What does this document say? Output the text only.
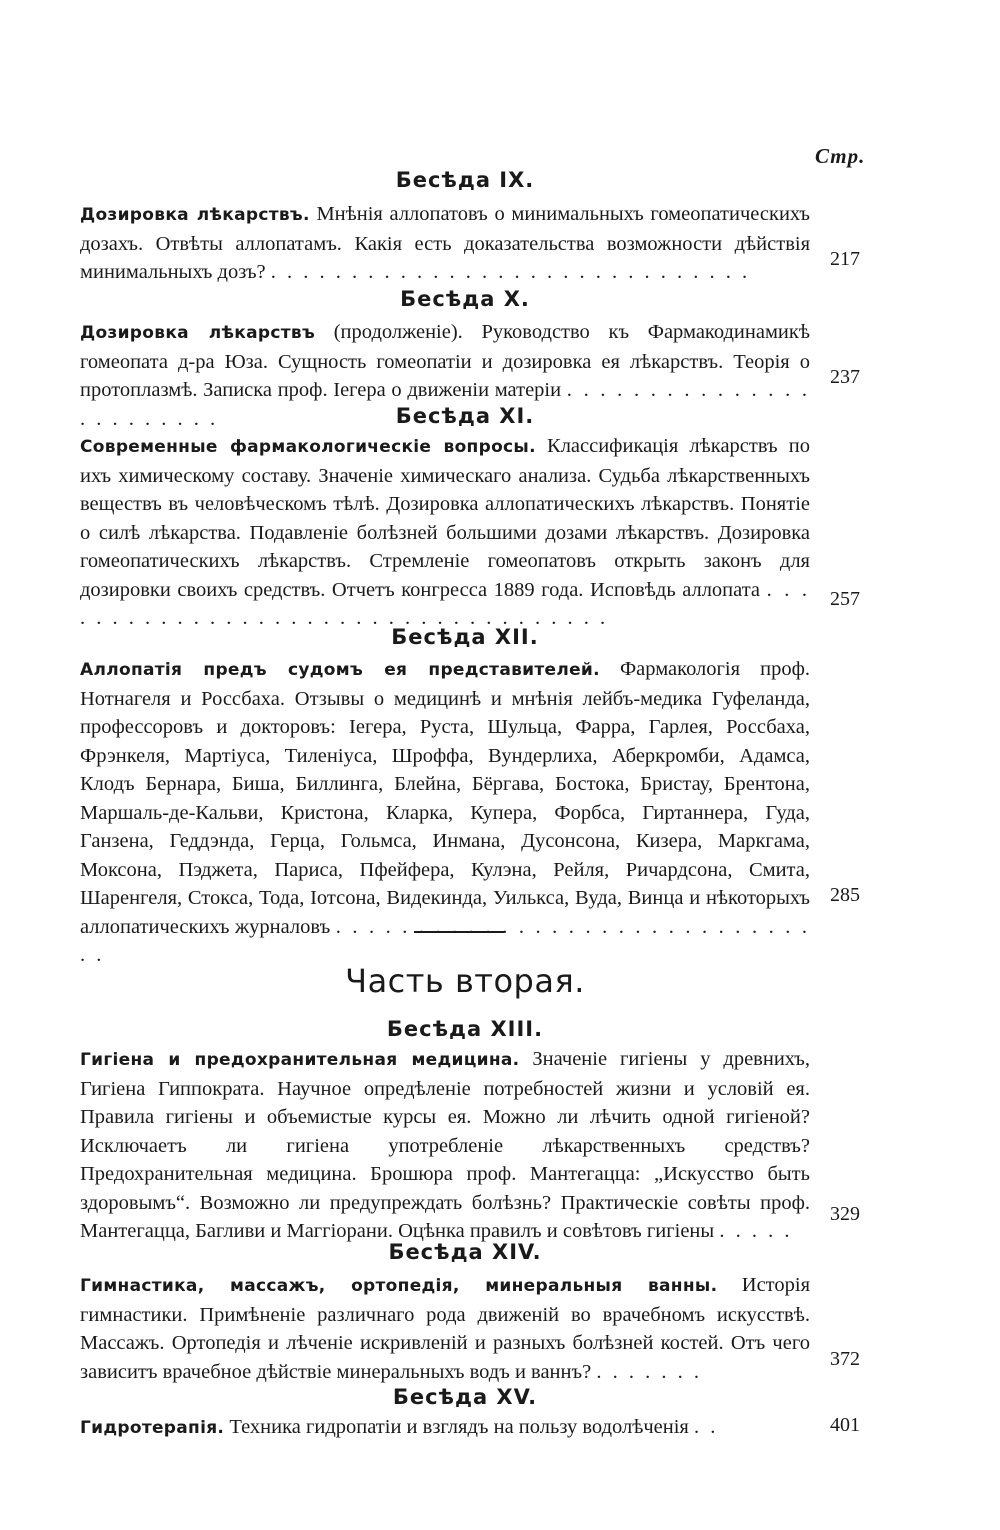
Стр.
Бесѣда IX.
Дозировка лѣкарствъ. Мнѣнія аллопатовъ о минимальныхъ гомеопатическихъ дозахъ. Отвѣты аллопатамъ. Какія есть доказательства возможности дѣйствія минимальныхъ дозъ? . . . . . . . . . . . . . . . . . . . . . . . . . . . . . .
217
Бесѣда X.
Дозировка лѣкарствъ (продолженіе). Руководство къ Фармакодинамикѣ гомеопата д-ра Юза. Сущность гомеопатіи и дозировка ея лѣкарствъ. Теорія о протоплазмѣ. Записка проф. Іегера о движеніи матеріи . . . . . . . . . . . . . . . . . . . . . . . .
237
Бесѣда XI.
Современные фармакологическіе вопросы. Классификація лѣкарствъ по ихъ химическому составу. Значеніе химическаго анализа. Судьба лѣкарственныхъ веществъ въ человѣческомъ тѣлѣ. Дозировка аллопатическихъ лѣкарствъ. Понятіе о силѣ лѣкарства. Подавленіе болѣзней большими дозами лѣкарствъ. Дозировка гомеопатическихъ лѣкарствъ. Стремленіе гомеопатовъ открыть законъ для дозировки своихъ средствъ. Отчетъ конгресса 1889 года. Исповѣдь аллопата . . . . . . . . . . . . . . . . . . . . . . . . . . . . . . . . . . . .
257
Бесѣда XII.
Аллопатія предъ судомъ ея представителей. Фармакологія проф. Нотнагеля и Россбаха. Отзывы о медицинѣ и мнѣнія лейбъ-медика Гуфеланда, профессоровъ и докторовъ: Іегера, Руста, Шульца, Фарра, Гарлея, Россбаха, Фрэнкеля, Мартіуса, Тиленіуса, Шроффа, Вундерлиха, Аберкромби, Адамса, Клодъ Бернара, Биша, Биллинга, Блейна, Бёргава, Бостока, Бристау, Брентона, Маршаль-де-Кальви, Кристона, Кларка, Купера, Форбса, Гиртаннера, Гуда, Ганзена, Геддэнда, Герца, Гольмса, Инмана, Дусонсона, Кизера, Маркгама, Моксона, Пэджета, Париса, Пфейфера, Кулэна, Рейля, Ричардсона, Смита, Шаренгеля, Стокса, Тода, Іотсона, Видекинда, Уилькса, Вуда, Винца и нѣкоторыхъ аллопатическихъ журналовъ . . . . . . . . . . . . . . . . . . . . . . . . . . . . . . .
285
Часть вторая.
Бесѣда XIII.
Гигіена и предохранительная медицина. Значеніе гигіены у древнихъ, Гигіена Гиппократа. Научное опредѣленіе потребностей жизни и условій ея. Правила гигіены и объемистые курсы ея. Можно ли лѣчить одной гигіеной? Исключаетъ ли гигіена употребленіе лѣкарственныхъ средствъ? Предохранительная медицина. Брошюра проф. Мантегацца: „Искусство быть здоровымъ“. Возможно ли предупреждать болѣзнь? Практическіе совѣты проф. Мантегацца, Багливи и Маггіорани. Оцѣнка правилъ и совѣтовъ гигіены . . . . .
329
Бесѣда XIV.
Гимнастика, массажъ, ортопедія, минеральныя ванны. Исторія гимнастики. Примѣненіе различнаго рода движеній во врачебномъ искусствѣ. Массажъ. Ортопедія и лѣченіе искривленій и разныхъ болѣзней костей. Отъ чего зависитъ врачебное дѣйствіе минеральныхъ водъ и ваннъ? . . . . . . .
372
Бесѣда XV.
Гидротерапія. Техника гидропатіи и взглядъ на пользу водолѣченія . .	401
